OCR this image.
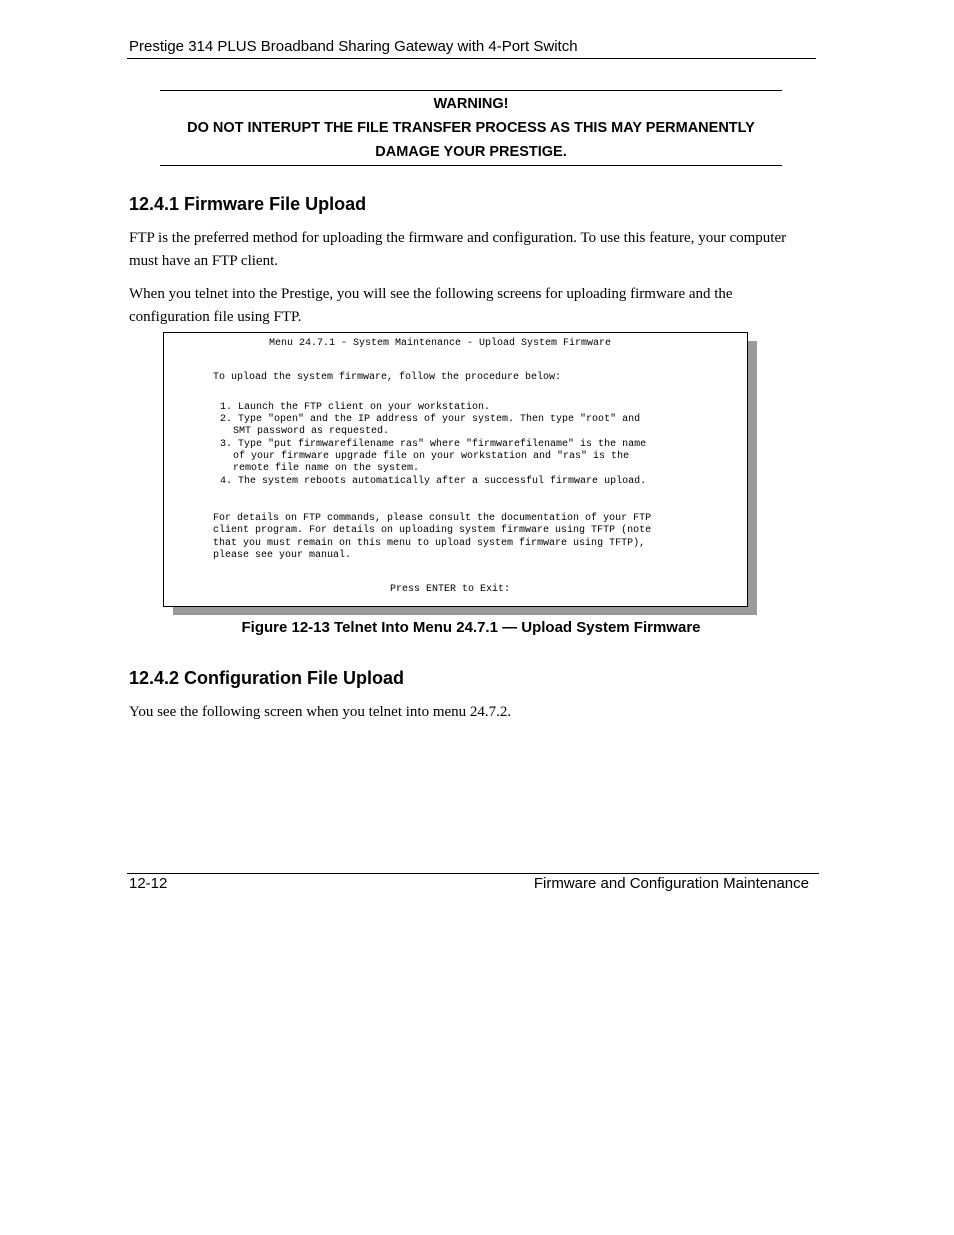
Prestige 314 PLUS Broadband Sharing Gateway with 4-Port Switch
WARNING!
DO NOT INTERUPT THE FILE TRANSFER PROCESS AS THIS MAY PERMANENTLY
DAMAGE YOUR PRESTIGE.
12.4.1 Firmware File Upload
FTP is the preferred method for uploading the firmware and configuration. To use this feature, your computer must have an FTP client.
When you telnet into the Prestige, you will see the following screens for uploading firmware and the configuration file using FTP.
Menu 24.7.1 - System Maintenance - Upload System Firmware
To upload the system firmware, follow the procedure below:
1. Launch the FTP client on your workstation.
2. Type "open" and the IP address of your system. Then type "root" and
SMT password as requested.
3. Type "put firmwarefilename ras" where "firmwarefilename" is the name
of your firmware upgrade file on your workstation and "ras" is the
remote file name on the system.
4. The system reboots automatically after a successful firmware upload.
For details on FTP commands, please consult the documentation of your FTP
client program. For details on uploading system firmware using TFTP (note
that you must remain on this menu to upload system firmware using TFTP),
please see your manual.
Press ENTER to Exit:
Figure 12-13 Telnet Into Menu 24.7.1 — Upload System Firmware
12.4.2 Configuration File Upload
You see the following screen when you telnet into menu 24.7.2.
12-12	Firmware and Configuration Maintenance
